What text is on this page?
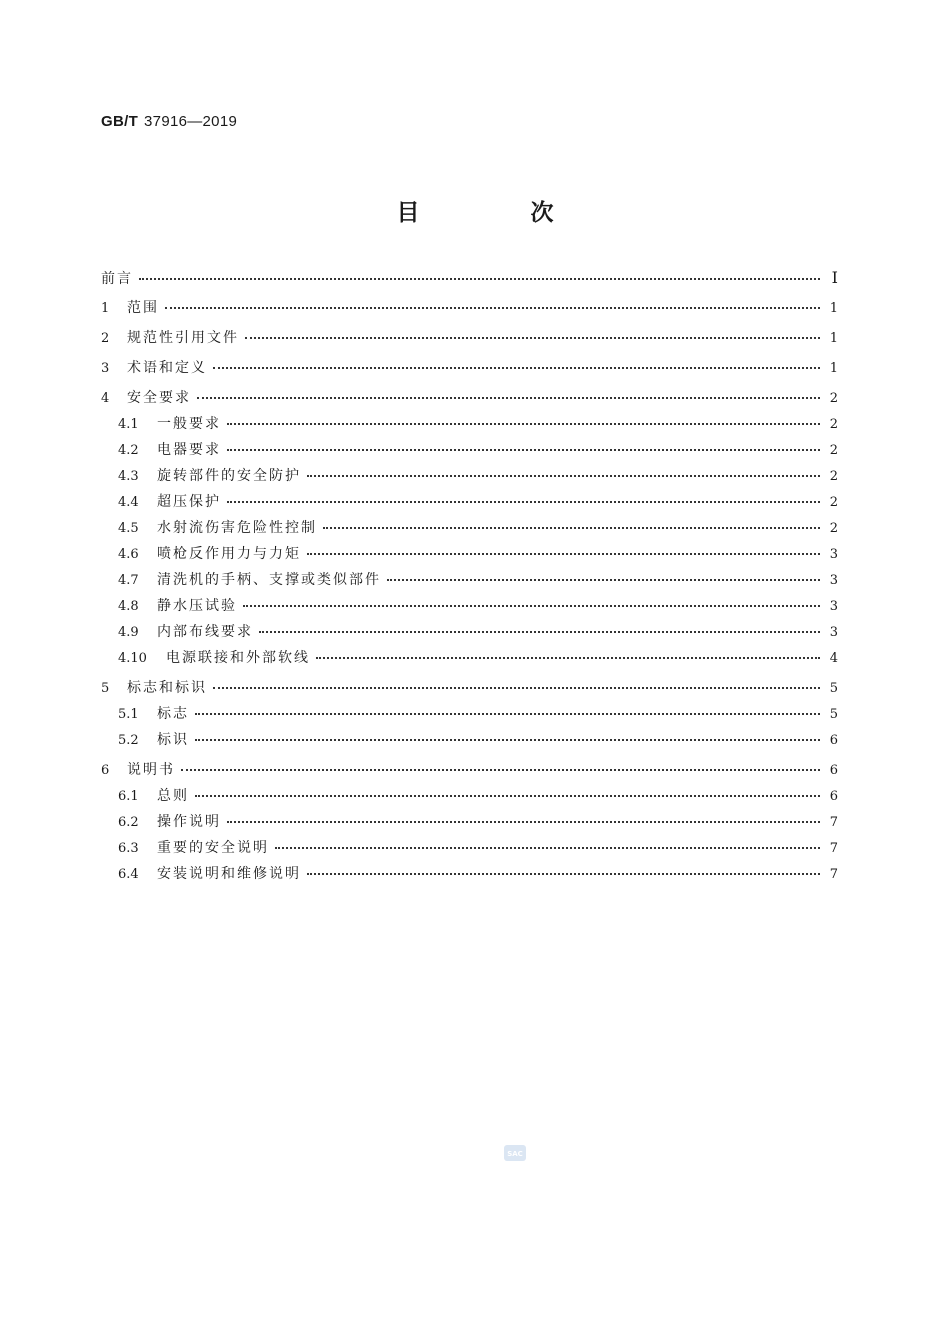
GB/T 37916—2019
目　次
前言	Ⅰ
1	范围	1
2	规范性引用文件	1
3	术语和定义	1
4	安全要求	2
4.1	一般要求	2
4.2	电器要求	2
4.3	旋转部件的安全防护	2
4.4	超压保护	2
4.5	水射流伤害危险性控制	2
4.6	喷枪反作用力与力矩	3
4.7	清洗机的手柄、支撑或类似部件	3
4.8	静水压试验	3
4.9	内部布线要求	3
4.10	电源联接和外部软线	4
5	标志和标识	5
5.1	标志	5
5.2	标识	6
6	说明书	6
6.1	总则	6
6.2	操作说明	7
6.3	重要的安全说明	7
6.4	安装说明和维修说明	7
SAC
